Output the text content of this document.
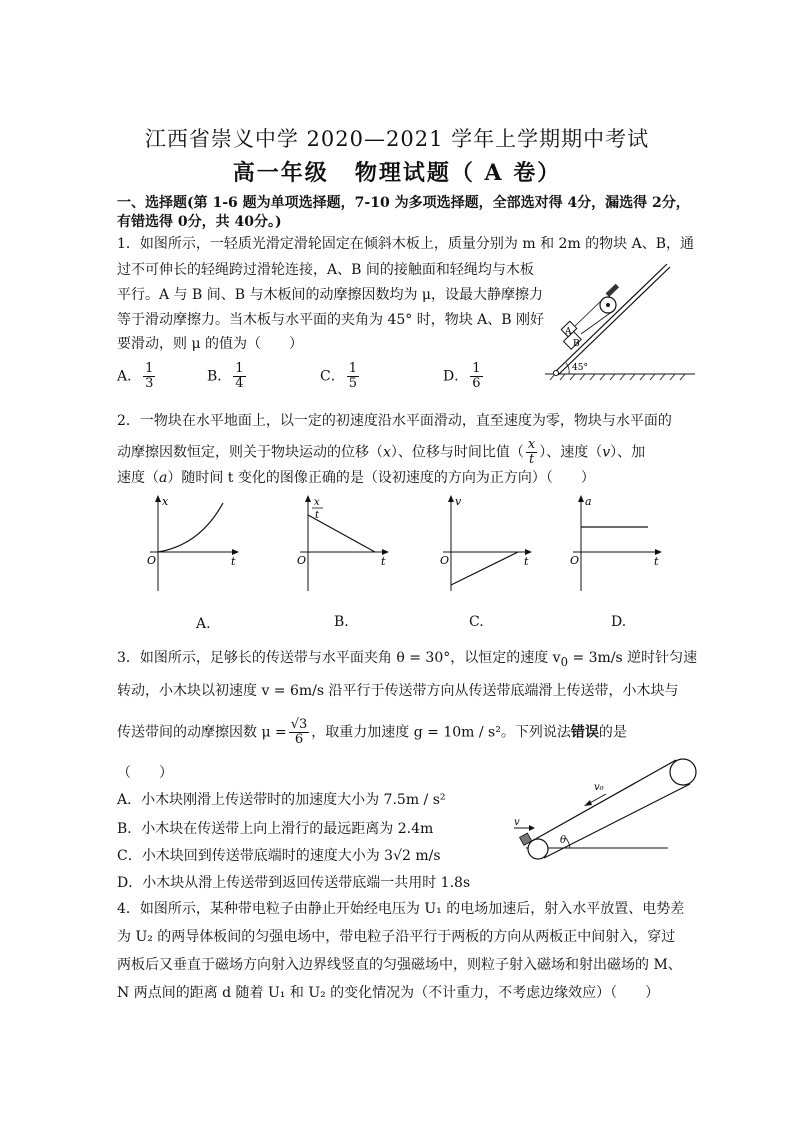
江西省崇义中学 2020—2021 学年上学期期中考试
高一年级 物理试题（ A 卷）
一、选择题(第 1-6 题为单项选择题，7-10 为多项选择题，全部选对得 4分，漏选得 2分，
有错选得 0分，共 40分。)
1．如图所示，一轻质光滑定滑轮固定在倾斜木板上，质量分别为 m 和 2m 的物块 A、B，通
过不可伸长的轻绳跨过滑轮连接，A、B 间的接触面和轻绳均与木板
平行。A 与 B 间、B 与木板间的动摩擦因数均为 μ，设最大静摩擦力
等于滑动摩擦力。当木板与水平面的夹角为 45° 时，物块 A、B 刚好
要滑动，则 μ 的值为（　　）
A． $\frac{1}{3}$	B． $\frac{1}{4}$	C． $\frac{1}{5}$	D． $\frac{1}{6}$
A
B
45°
2．一物块在水平地面上，以一定的初速度沿水平面滑动，直至速度为零，物块与水平面的
动摩擦因数恒定，则关于物块运动的位移（x）、位移与时间比值（ $\frac{x}{t}$ ）、速度（v）、加
速度（a）随时间 t 变化的图像正确的是（设初速度的方向为正方向）（　　）
x
t
O
x
t
t
O
v
t
O
a
t
O
A.	B.	C.	D.
3．如图所示，足够长的传送带与水平面夹角 θ = 30°，以恒定的速度 $v_0 = 3m/s$ 逆时针匀速
转动，小木块以初速度 v = 6m/s 沿平行于传送带方向从传送带底端滑上传送带，小木块与
传送带间的动摩擦因数 $\mu = \frac{√3}{6}$ ，取重力加速度 g = 10m / s²。下列说法错误的是
（　　）
A．小木块刚滑上传送带时的加速度大小为 7.5m / s²
B．小木块在传送带上向上滑行的最远距离为 2.4m
C．小木块回到传送带底端时的速度大小为 3√2 m/s
D．小木块从滑上传送带到返回传送带底端一共用时 1.8s
v
v₀
θ
4．如图所示，某种带电粒子由静止开始经电压为 U₁ 的电场加速后，射入水平放置、电势差
为 U₂ 的两导体板间的匀强电场中，带电粒子沿平行于两板的方向从两板正中间射入，穿过
两板后又垂直于磁场方向射入边界线竖直的匀强磁场中，则粒子射入磁场和射出磁场的 M、
N 两点间的距离 d 随着 U₁ 和 U₂ 的变化情况为（不计重力，不考虑边缘效应）（　　）
